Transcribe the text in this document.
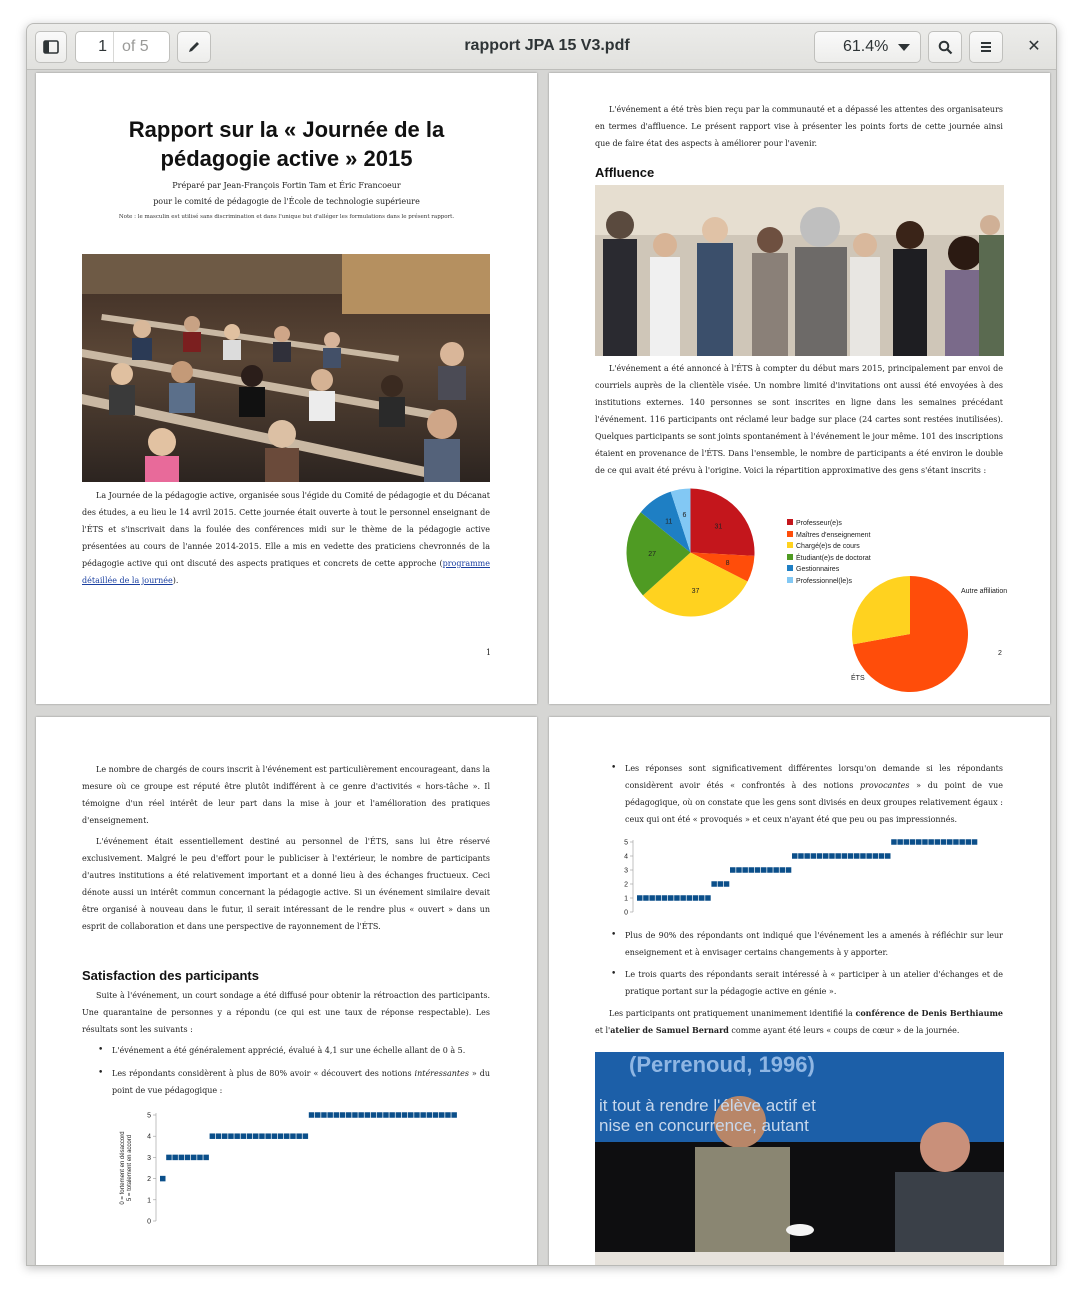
1 of 5	rapport JPA 15 V3.pdf	61.4%	✕
Rapport sur la « Journée de la
pédagogie active » 2015
Préparé par Jean-François Fortin Tam et Éric Francoeur
pour le comité de pédagogie de l'École de technologie supérieure
Note : le masculin est utilisé sans discrimination et dans l'unique but d'alléger les formulations dans le présent rapport.
La Journée de la pédagogie active, organisée sous l'égide du Comité de pédagogie et du Décanat des études, a eu lieu le 14 avril 2015. Cette journée était ouverte à tout le personnel enseignant de l'ÉTS et s'inscrivait dans la foulée des conférences midi sur le thème de la pédagogie active présentées au cours de l'année 2014-2015. Elle a mis en vedette des praticiens chevronnés de la pédagogie active qui ont discuté des aspects pratiques et concrets de cette approche (programme détaillée de la journée).
1
L'événement a été très bien reçu par la communauté et a dépassé les attentes des organisateurs en termes d'affluence. Le présent rapport vise à présenter les points forts de cette journée ainsi que de faire état des aspects à améliorer pour l'avenir.
Affluence
L'événement a été annoncé à l'ÉTS à compter du début mars 2015, principalement par envoi de courriels auprès de la clientèle visée. Un nombre limité d'invitations ont aussi été envoyées à des institutions externes. 140 personnes se sont inscrites en ligne dans les semaines précédant l'événement. 116 participants ont réclamé leur badge sur place (24 cartes sont restées inutilisées). Quelques participants se sont joints spontanément à l'événement le jour même. 101 des inscriptions étaient en provenance de l'ÉTS. Dans l'ensemble, le nombre de participants a été environ le double de ce qui avait été prévu à l'origine. Voici la répartition approximative des gens s'étant inscrits :
31
8
37
27
11
6
Professeur(e)s
Maîtres d'enseignement
Chargé(e)s de cours
Étudiant(e)s de doctorat
Gestionnaires
Professionnel(le)s
Autre affiliation
ÉTS
2
Le nombre de chargés de cours inscrit à l'événement est particulièrement encourageant, dans la mesure où ce groupe est réputé être plutôt indifférent à ce genre d'activités « hors-tâche ». Il témoigne d'un réel intérêt de leur part dans la mise à jour et l'amélioration des pratiques d'enseignement.
L'événement était essentiellement destiné au personnel de l'ÉTS, sans lui être réservé exclusivement. Malgré le peu d'effort pour le publiciser à l'extérieur, le nombre de participants d'autres institutions a été relativement important et a donné lieu à des échanges fructueux. Ceci dénote aussi un intérêt commun concernant la pédagogie active. Si un événement similaire devait être organisé à nouveau dans le futur, il serait intéressant de le rendre plus « ouvert » dans un esprit de collaboration et dans une perspective de rayonnement de l'ÉTS.
Satisfaction des participants
Suite à l'événement, un court sondage a été diffusé pour obtenir la rétroaction des participants. Une quarantaine de personnes y a répondu (ce qui est une taux de réponse respectable). Les résultats sont les suivants :
• L'événement a été généralement apprécié, évalué à 4,1 sur une échelle allant de 0 à 5.
• Les répondants considèrent à plus de 80% avoir « découvert des notions intéressantes » du point de vue pédagogique :
0
1
2
3
4
5
0 = fortement en désaccord 5 = totalement en accord
• Les réponses sont significativement différentes lorsqu'on demande si les répondants considèrent avoir étés « confrontés à des notions provocantes » du point de vue pédagogique, où on constate que les gens sont divisés en deux groupes relativement égaux : ceux qui ont été « provoqués » et ceux n'ayant été que peu ou pas impressionnés.
0
1
2
3
4
5
• Plus de 90% des répondants ont indiqué que l'événement les a amenés à réfléchir sur leur enseignement et à envisager certains changements à y apporter.
• Le trois quarts des répondants serait intéressé à « participer à un atelier d'échanges et de pratique portant sur la pédagogie active en génie ».
Les participants ont pratiquement unanimement identifié la conférence de Denis Berthiaume et l'atelier de Samuel Bernard comme ayant été leurs « coups de cœur » de la journée.
(Perrenoud, 1996)
it tout à rendre l'élève actif et
nise en concurrence, autant
